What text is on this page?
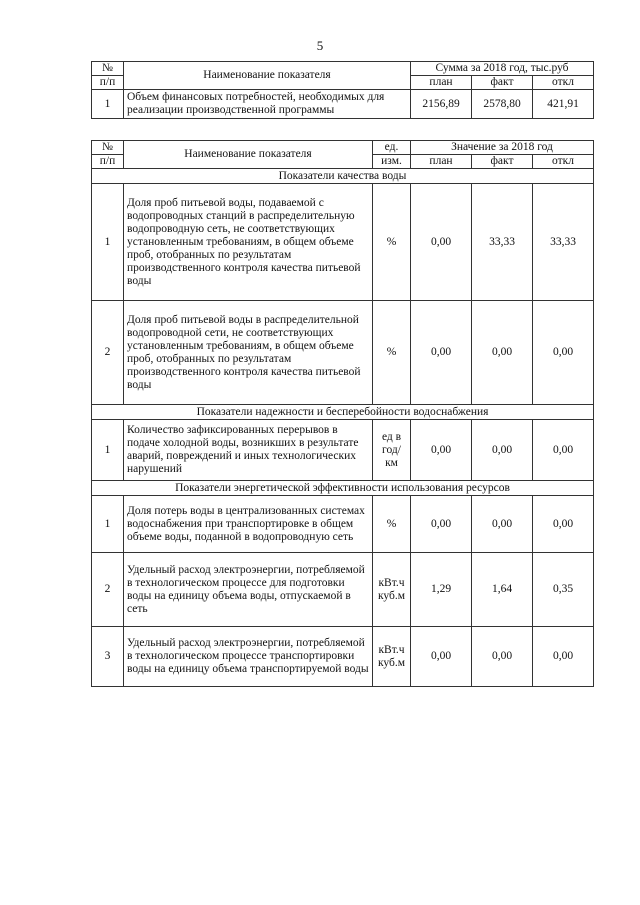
5
№	Наименование показателя	Сумма за 2018 год, тыс.руб		
п/п		план	факт	откл
1	Объем финансовых потребностей, необходимых для реализации производственной программы	2156,89	2578,80	421,91
№	Наименование показателя	ед.	Значение за 2018 год		
п/п		изм.	план	факт	откл
Показатели качества воды					
1	Доля проб питьевой воды, подаваемой с водопроводных станций в распределительную водопроводную сеть, не соответствующих установленным требованиям, в общем объеме проб, отобранных по результатам производственного контроля качества питьевой воды	%	0,00	33,33	33,33
2	Доля проб питьевой воды в распределительной водопроводной сети, не соответствующих установленным требованиям, в общем объеме проб, отобранных по результатам производственного контроля качества питьевой воды	%	0,00	0,00	0,00
Показатели надежности и бесперебойности водоснабжения					
1	Количество зафиксированных перерывов в подаче холодной воды, возникших в результате аварий, повреждений и иных технологических нарушений	ед в год/ км	0,00	0,00	0,00
Показатели энергетической эффективности использования ресурсов					
1	Доля потерь воды в централизованных системах водоснабжения при транспортировке в общем объеме воды, поданной в водопроводную сеть	%	0,00	0,00	0,00
2	Удельный расход электроэнергии, потребляемой в технологическом процессе для подготовки воды на единицу объема воды, отпускаемой в сеть	кВт.ч куб.м	1,29	1,64	0,35
3	Удельный расход электроэнергии, потребляемой в технологическом процессе транспортировки воды на единицу объема транспортируемой воды	кВт.ч куб.м	0,00	0,00	0,00
